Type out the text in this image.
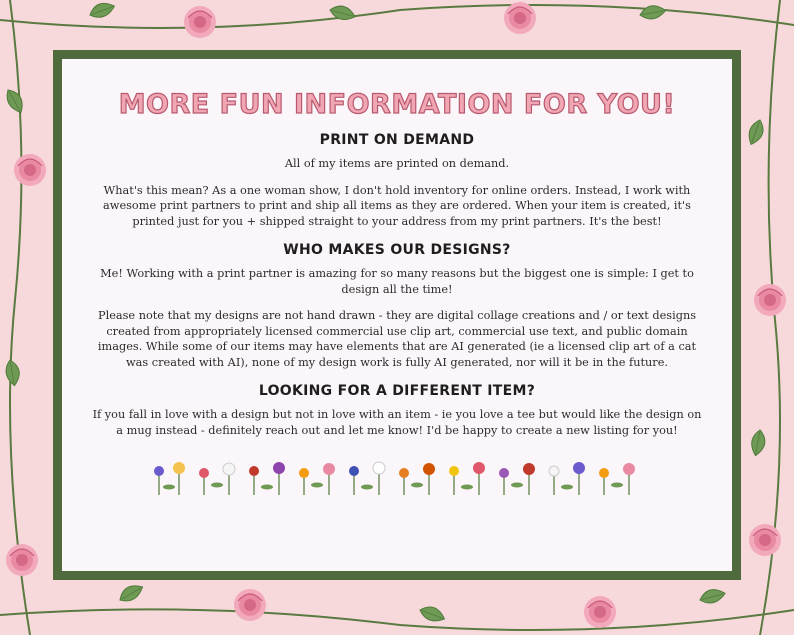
MORE FUN INFORMATION FOR YOU!
PRINT ON DEMAND

All of my items are printed on demand.

What's this mean? As a one woman show, I don't hold inventory for online orders. Instead, I work with awesome print partners to print and ship all items as they are ordered. When your item is created, it's printed just for you + shipped straight to your address from my print partners. It's the best!

WHO MAKES OUR DESIGNS?

Me! Working with a print partner is amazing for so many reasons but the biggest one is simple: I get to design all the time!

Please note that my designs are not hand drawn - they are digital collage creations and / or text designs created from appropriately licensed commercial use clip art, commercial use text, and public domain images. While some of our items may have elements that are AI generated (ie a licensed clip art of a cat was created with AI), none of my design work is fully AI generated, nor will it be in the future.

LOOKING FOR A DIFFERENT ITEM?

If you fall in love with a design but not in love with an item - ie you love a tee but would like the design on a mug instead - definitely reach out and let me know! I'd be happy to create a new listing for you!
